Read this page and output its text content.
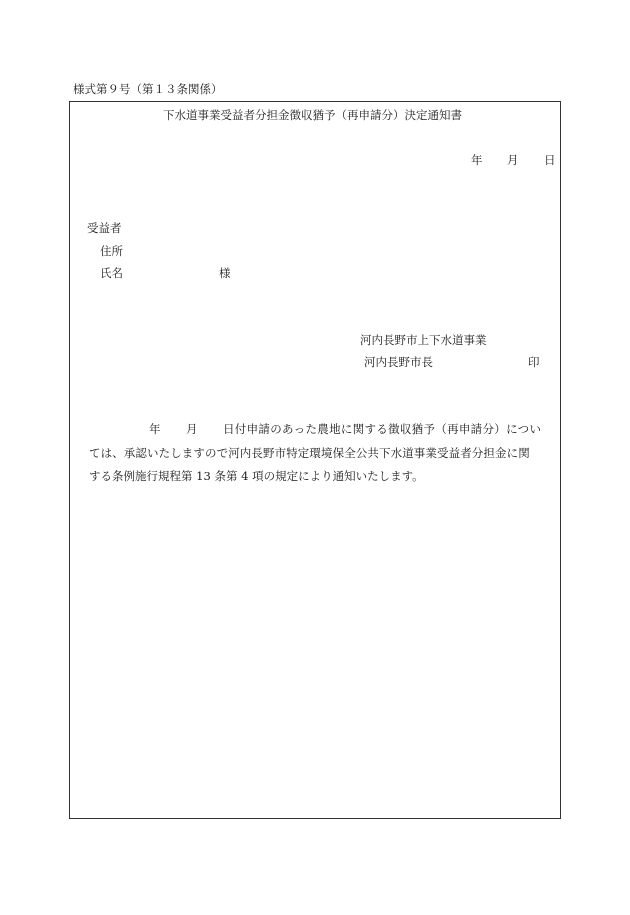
様式第９号（第１３条関係）
下水道事業受益者分担金徴収猶予（再申請分）決定通知書
年 月 日
受益者
住所
氏名	様
河内長野市上下水道事業
河内長野市長	印
年 月 日付申請のあった農地に関する徴収猶予（再申請分）につい
ては、承認いたしますので河内長野市特定環境保全公共下水道事業受益者分担金に関
する条例施行規程第 13 条第 4 項の規定により通知いたします。
